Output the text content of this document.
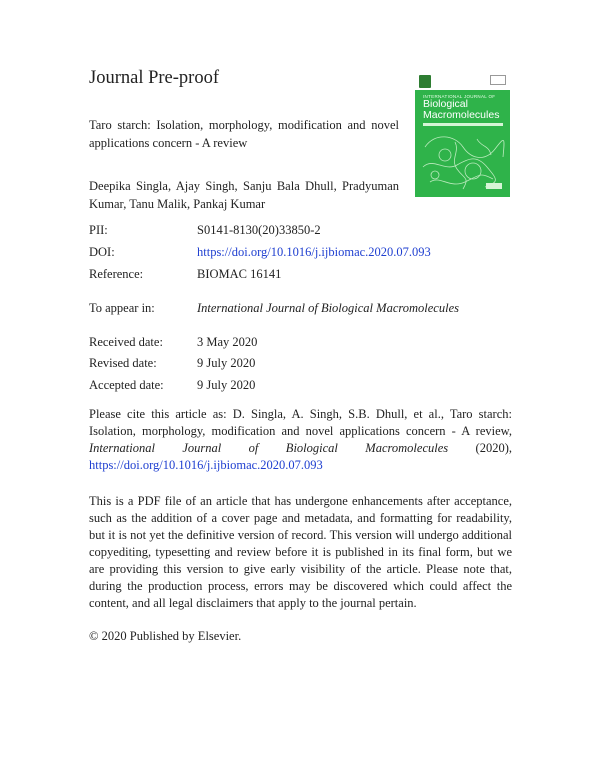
Journal Pre-proof
Taro starch: Isolation, morphology, modification and novel applications concern - A review
Deepika Singla, Ajay Singh, Sanju Bala Dhull, Pradyuman Kumar, Tanu Malik, Pankaj Kumar
INTERNATIONAL JOURNAL OF
Biological Macromolecules
PII:	S0141-8130(20)33850-2
DOI:	https://doi.org/10.1016/j.ijbiomac.2020.07.093
Reference:	BIOMAC 16141
To appear in:	International Journal of Biological Macromolecules
Received date:	3 May 2020
Revised date:	9 July 2020
Accepted date:	9 July 2020
Please cite this article as: D. Singla, A. Singh, S.B. Dhull, et al., Taro starch: Isolation, morphology, modification and novel applications concern - A review, International Journal of Biological Macromolecules (2020), https://doi.org/10.1016/j.ijbiomac.2020.07.093
This is a PDF file of an article that has undergone enhancements after acceptance, such as the addition of a cover page and metadata, and formatting for readability, but it is not yet the definitive version of record. This version will undergo additional copyediting, typesetting and review before it is published in its final form, but we are providing this version to give early visibility of the article. Please note that, during the production process, errors may be discovered which could affect the content, and all legal disclaimers that apply to the journal pertain.
© 2020 Published by Elsevier.
